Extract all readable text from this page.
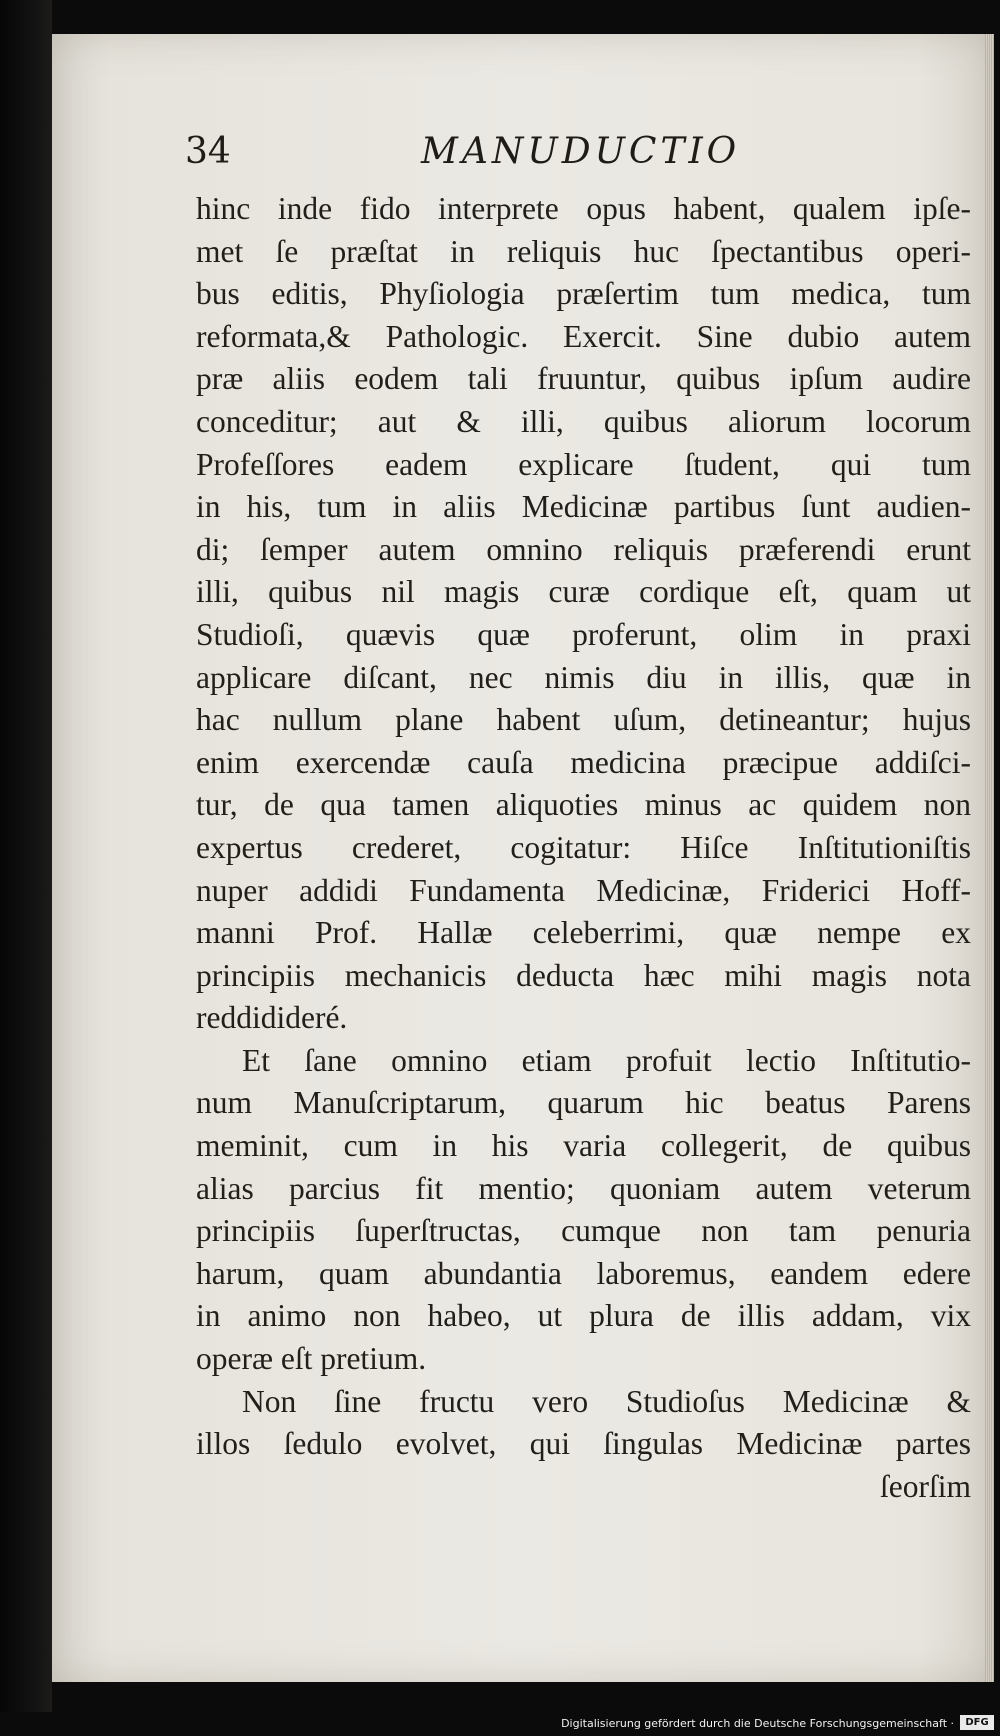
34	MANUDUCTIO
hinc inde fido interprete opus habent, qualem ipſe-
met ſe præſtat in reliquis huc ſpectantibus operi-
bus editis, Phyſiologia præſertim tum medica, tum
reformata,& Pathologic. Exercit. Sine dubio autem
præ aliis eodem tali fruuntur, quibus ipſum audire
conceditur; aut & illi, quibus aliorum locorum
Profeſſores eadem explicare ſtudent, qui tum
in his, tum in aliis Medicinæ partibus ſunt audien-
di; ſemper autem omnino reliquis præferendi erunt
illi, quibus nil magis curæ cordique eſt, quam ut
Studioſi, quævis quæ proferunt, olim in praxi
applicare diſcant, nec nimis diu in illis, quæ in
hac nullum plane habent uſum, detineantur; hujus
enim exercendæ cauſa medicina præcipue addiſci-
tur, de qua tamen aliquoties minus ac quidem non
expertus crederet, cogitatur: Hiſce Inſtitutioniſtis
nuper addidi Fundamenta Medicinæ, Friderici Hoff-
manni Prof. Hallæ celeberrimi, quæ nempe ex
principiis mechanicis deducta hæc mihi magis nota
reddidideré.
Et ſane omnino etiam profuit lectio Inſtitutio-
num Manuſcriptarum, quarum hic beatus Parens
meminit, cum in his varia collegerit, de quibus
alias parcius fit mentio; quoniam autem veterum
principiis ſuperſtructas, cumque non tam penuria
harum, quam abundantia laboremus, eandem edere
in animo non habeo, ut plura de illis addam, vix
operæ eſt pretium.
Non ſine fructu vero Studioſus Medicinæ &
illos ſedulo evolvet, qui ſingulas Medicinæ partes
ſeorſim
Digitalisierung gefördert durch die Deutsche Forschungsgemeinschaft ·	DFG
